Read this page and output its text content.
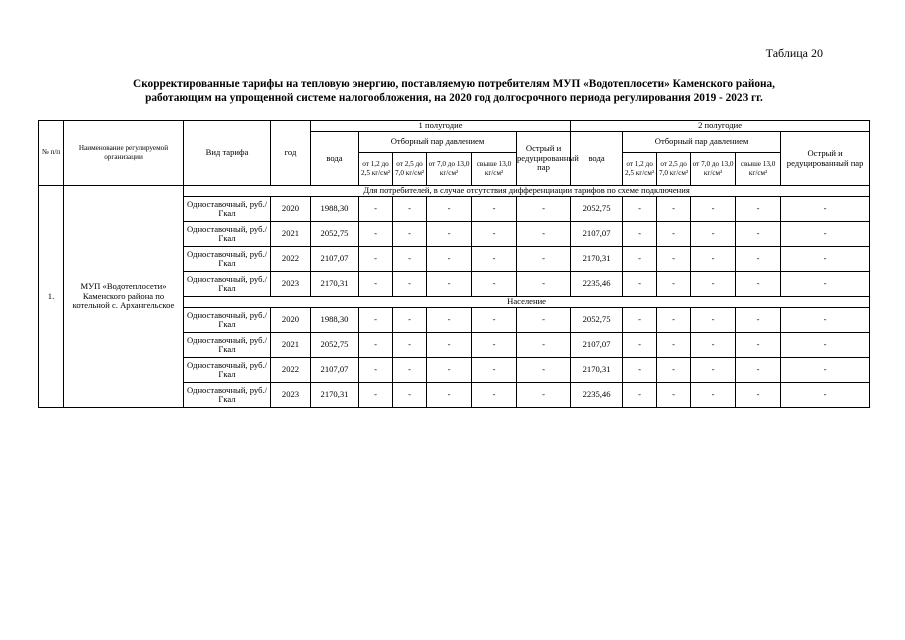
Таблица 20
Скорректированные тарифы на тепловую энергию, поставляемую потребителям МУП «Водотеплосети» Каменского района,
работающим на упрощенной системе налогообложения, на 2020 год долгосрочного периода регулирования 2019 - 2023 гг.
№ п/п	Наименование регулируемой организации	Вид тарифа	год	1 полугодие						2 полугодие					
				вода	Отборный пар давлением				Острый и редуцированный пар	вода	Отборный пар давлением				Острый и редуцированный пар
					от 1,2 до 2,5 кг/см²	от 2,5 до 7,0 кг/см²	от 7,0 до 13,0 кг/см²	свыше 13,0 кг/см²			от 1,2 до 2,5 кг/см²	от 2,5 до 7,0 кг/см²	от 7,0 до 13,0 кг/см²	свыше 13,0 кг/см²	
1.	МУП «Водотеплосети» Каменского района по котельной с. Архангельское	Для потребителей, в случае отсутствия дифференциации тарифов по схеме подключения													
		Одноставочный, руб./Гкал	2020	1988,30	-	-	-	-	-	2052,75	-	-	-	-	-
		Одноставочный, руб./Гкал	2021	2052,75	-	-	-	-	-	2107,07	-	-	-	-	-
		Одноставочный, руб./Гкал	2022	2107,07	-	-	-	-	-	2170,31	-	-	-	-	-
		Одноставочный, руб./Гкал	2023	2170,31	-	-	-	-	-	2235,46	-	-	-	-	-
		Население													
		Одноставочный, руб./Гкал	2020	1988,30	-	-	-	-	-	2052,75	-	-	-	-	-
		Одноставочный, руб./Гкал	2021	2052,75	-	-	-	-	-	2107,07	-	-	-	-	-
		Одноставочный, руб./Гкал	2022	2107,07	-	-	-	-	-	2170,31	-	-	-	-	-
		Одноставочный, руб./Гкал	2023	2170,31	-	-	-	-	-	2235,46	-	-	-	-	-
